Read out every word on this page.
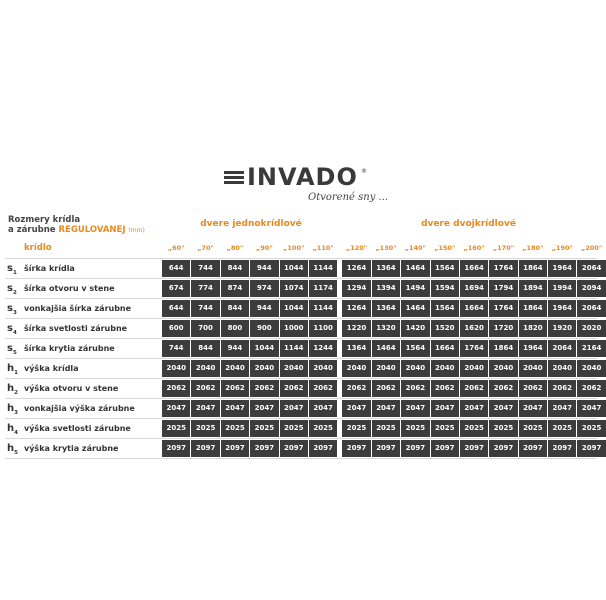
INVADO ®
Otvorené sny ...
Rozmery krídla
a zárubne REGULOVANEJ (mm)
dvere jednokrídlové	dvere dvojkrídlové
krídlo	„60"	„70"	„80"	„90"	„100"	„110"	„120"	„130"	„140"	„150"	„160"	„170"	„180"	„190"	„200"
$s_1$ šírka krídla	644	744	844	944	1044	1144	1264	1364	1464	1564	1664	1764	1864	1964	2064
$s_2$ šírka otvoru v stene	674	774	874	974	1074	1174	1294	1394	1494	1594	1694	1794	1894	1994	2094
$s_3$ vonkajšia šírka zárubne	644	744	844	944	1044	1144	1264	1364	1464	1564	1664	1764	1864	1964	2064
$s_4$ šírka svetlosti zárubne	600	700	800	900	1000	1100	1220	1320	1420	1520	1620	1720	1820	1920	2020
$s_5$ šírka krytia zárubne	744	844	944	1044	1144	1244	1364	1464	1564	1664	1764	1864	1964	2064	2164
$h_1$ výška krídla	2040	2040	2040	2040	2040	2040	2040	2040	2040	2040	2040	2040	2040	2040	2040
$h_2$ výška otvoru v stene	2062	2062	2062	2062	2062	2062	2062	2062	2062	2062	2062	2062	2062	2062	2062
$h_3$ vonkajšia výška zárubne	2047	2047	2047	2047	2047	2047	2047	2047	2047	2047	2047	2047	2047	2047	2047
$h_4$ výška svetlosti zárubne	2025	2025	2025	2025	2025	2025	2025	2025	2025	2025	2025	2025	2025	2025	2025
$h_5$ výška krytia zárubne	2097	2097	2097	2097	2097	2097	2097	2097	2097	2097	2097	2097	2097	2097	2097
